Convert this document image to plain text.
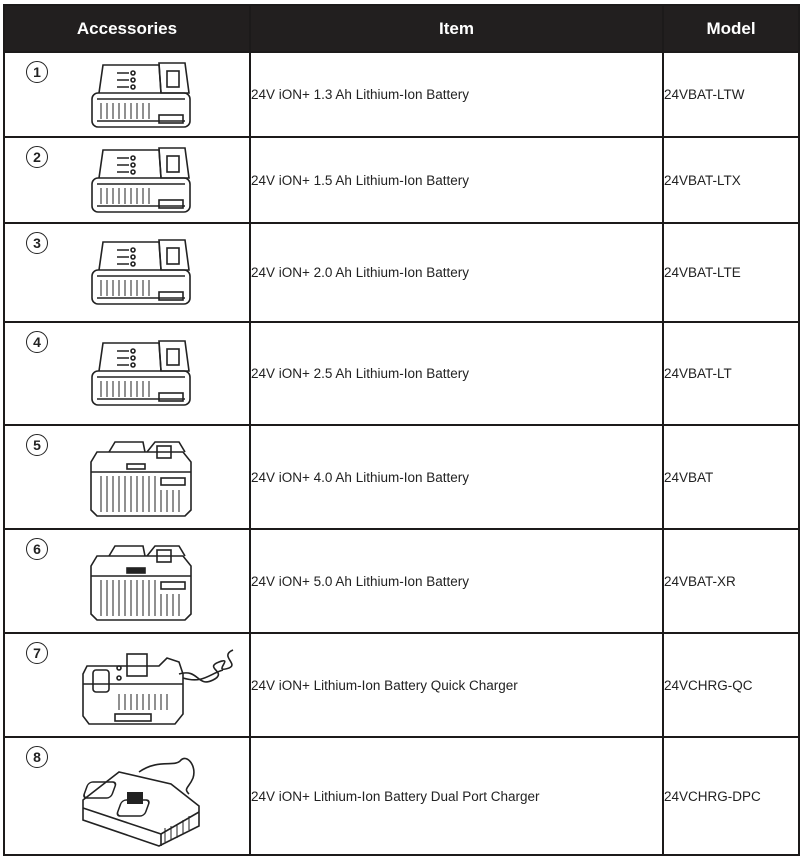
Accessories	Item	Model

1	24V iON+ 1.3 Ah Lithium-Ion Battery	24VBAT-LTW

2	24V iON+ 1.5 Ah Lithium-Ion Battery	24VBAT-LTX

3	24V iON+ 2.0 Ah Lithium-Ion Battery	24VBAT-LTE

4	24V iON+ 2.5 Ah Lithium-Ion Battery	24VBAT-LT

5	24V iON+ 4.0 Ah Lithium-Ion Battery	24VBAT

6	24V iON+ 5.0 Ah Lithium-Ion Battery	24VBAT-XR

7	24V iON+ Lithium-Ion Battery Quick Charger	24VCHRG-QC

8	24V iON+ Lithium-Ion Battery Dual Port Charger	24VCHRG-DPC
